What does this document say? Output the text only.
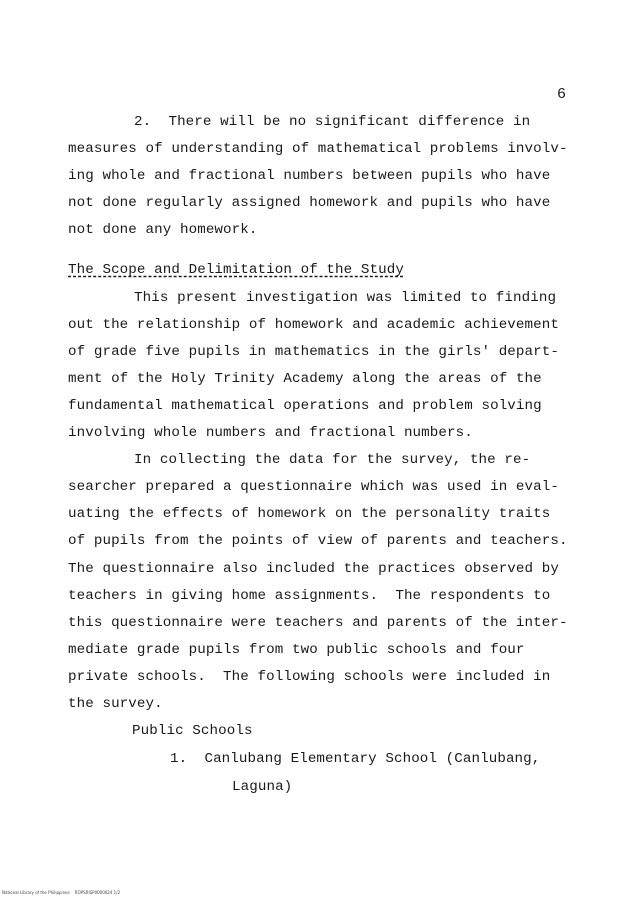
6
2.  There will be no significant difference in
measures of understanding of mathematical problems involv-
ing whole and fractional numbers between pupils who have
not done regularly assigned homework and pupils who have
not done any homework.
The Scope and Delimitation of the Study
This present investigation was limited to finding
out the relationship of homework and academic achievement
of grade five pupils in mathematics in the girls' depart-
ment of the Holy Trinity Academy along the areas of the
fundamental mathematical operations and problem solving
involving whole numbers and fractional numbers.
In collecting the data for the survey, the re-
searcher prepared a questionnaire which was used in eval-
uating the effects of homework on the personality traits
of pupils from the points of view of parents and teachers.
The questionnaire also included the practices observed by
teachers in giving home assignments.  The respondents to
this questionnaire were teachers and parents of the inter-
mediate grade pupils from two public schools and four
private schools.  The following schools were included in
the survey.
Public Schools
1.  Canlubang Elementary School (Canlubang,
Laguna)
National Library of the Philippines    ROPSRISP0000024 1/2
